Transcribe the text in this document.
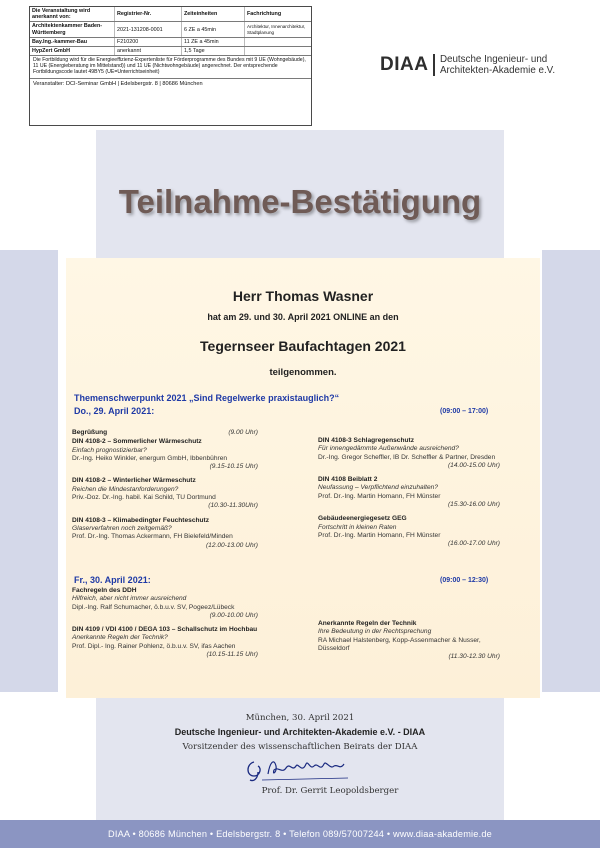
Die Veranstaltung wird anerkannt von:	Registrier-Nr.	Zeiteinheiten	Fachrichtung
Architektenkammer Baden-Württemberg	2021-131208-0001	6 ZE a 45min	Architektur, Innenarchitektur, Stadtplanung
Bay.Ing.-kammer-Bau	F210200	11 ZE a 45min	
HypZert GmbH	anerkannt	1,5 Tage	
Die Fortbildung wird für die Energieeffizienz-Expertenliste für Förderprogramme des Bundes mit 9 UE (Wohngebäude), 11 UE (Energieberatung im Mittelstand)) und 11 UE (Nichtwohngebäude) angerechnet. Der entsprechende Fortbildungscode lautet 49BY5 (UE=Unterrichtseinheit)
Veranstalter: DCI-Seminar GmbH | Edelsbergstr. 8 | 80686 München
DIAA Deutsche Ingenieur- und
Architekten-Akademie e.V.
Teilnahme-Bestätigung
Herr Thomas Wasner
hat am 29. und 30. April 2021 ONLINE an den
Tegernseer Baufachtagen 2021
teilgenommen.
Themenschwerpunkt 2021 „Sind Regelwerke praxistauglich?“
Do., 29. April 2021:	(09:00 – 17:00)
Begrüßung	(9.00 Uhr)
DIN 4108-2 – Sommerlicher Wärmeschutz
Einfach prognostizierbar?
Dr.-Ing. Heiko Winkler, energum GmbH, Ibbenbühren
(9.15-10.15 Uhr)
DIN 4108-2 – Winterlicher Wärmeschutz
Reichen die Mindestanforderungen?
Priv.-Doz. Dr.-Ing. habil. Kai Schild, TU Dortmund
(10.30-11.30Uhr)
DIN 4108-3 – Klimabedingter Feuchteschutz
Glaserverfahren noch zeitgemäß?
Prof. Dr.-Ing. Thomas Ackermann, FH Bielefeld/Minden
(12.00-13.00 Uhr)
DIN 4108-3 Schlagregenschutz
Für innengedämmte Außenwände ausreichend?
Dr.-Ing. Gregor Scheffler, IB Dr. Scheffler & Partner, Dresden
(14.00-15.00 Uhr)
DIN 4108 Beiblatt 2
Neufassung – Verpflichtend einzuhalten?
Prof. Dr.-Ing. Martin Homann, FH Münster
(15.30-16.00 Uhr)
Gebäudeenergiegesetz GEG
Fortschritt in kleinen Raten
Prof. Dr.-Ing. Martin Homann, FH Münster
(16.00-17.00 Uhr)
Fr., 30. April 2021:	(09:00 – 12:30)
Fachregeln des DDH
Hilfreich, aber nicht immer ausreichend
Dipl.-Ing. Ralf Schumacher, ö.b.u.v. SV, Pogeez/Lübeck
(9.00-10.00 Uhr)
DIN 4109 / VDI 4100 / DEGA 103 – Schallschutz im Hochbau
Anerkannte Regeln der Technik?
Prof. Dipl.- Ing. Rainer Pohlenz, ö.b.u.v. SV, ifas Aachen
(10.15-11.15 Uhr)
Anerkannte Regeln der Technik
Ihre Bedeutung in der Rechtsprechung
RA Michael Halstenberg, Kopp-Assenmacher & Nusser, Düsseldorf
(11.30-12.30 Uhr)
München, 30. April 2021
Deutsche Ingenieur- und Architekten-Akademie e.V. - DIAA
Vorsitzender des wissenschaftlichen Beirats der DIAA
Prof. Dr. Gerrit Leopoldsberger
DIAA • 80686 München • Edelsbergstr. 8 • Telefon 089/57007244 • www.diaa-akademie.de
